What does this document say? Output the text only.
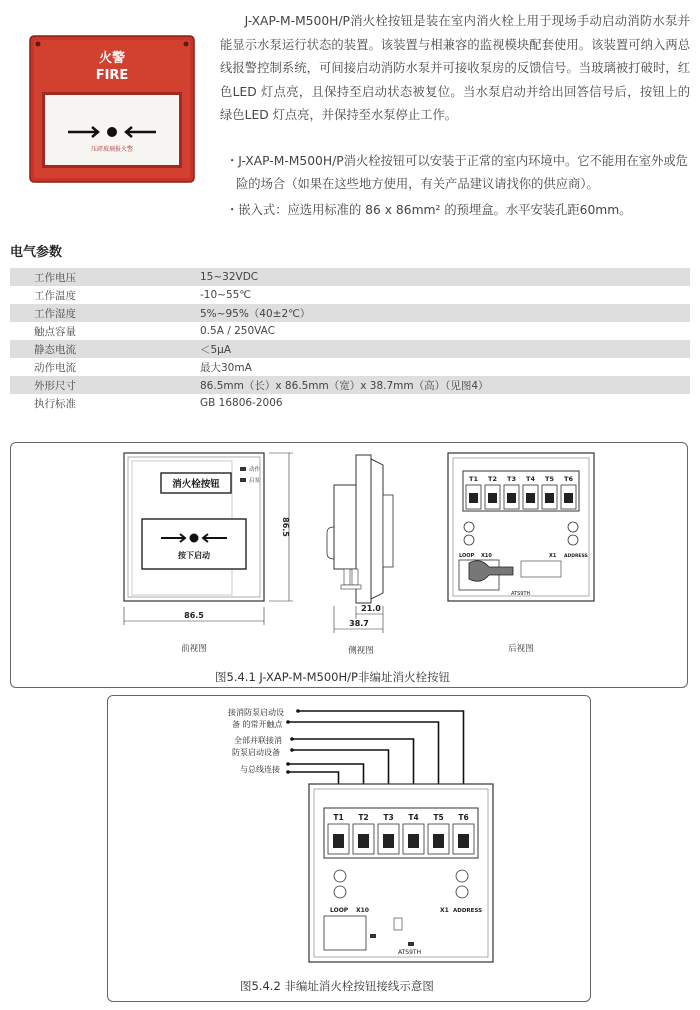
火警
FIRE
压碎玻璃报火警

J-XAP-M-M500H/P消火栓按钮是装在室内消火栓上用于现场手动启动消防水泵并能显示水泵运行状态的装置。该装置与相兼容的监视模块配套使用。该装置可纳入两总线报警控制系统，可间接启动消防水泵并可接收泵房的反馈信号。当玻璃被打破时，红色LED 灯点亮，且保持至启动状态被复位。当水泵启动并给出回答信号后，按钮上的绿色LED 灯点亮，并保持至水泵停止工作。

・J-XAP-M-M500H/P消火栓按钮可以安装于正常的室内环境中。它不能用在室外或危险的场合（如果在这些地方使用，有关产品建议请找你的供应商）。
・嵌入式：应选用标准的 86 x 86mm² 的预埋盒。水平安装孔距60mm。
电气参数
工作电压	15~32VDC
工作温度	-10~55℃
工作湿度	5%~95%（40±2℃）
触点容量	0.5A / 250VAC
静态电流	＜5μA
动作电流	最大30mA
外形尺寸	86.5mm（长）x 86.5mm（宽）x 38.7mm（高）（见图4）
执行标准	GB 16806-2006
消火栓按钮
动作
启泵
按下启动
86.5
86.5
前视图
21.0
38.7
侧视图
T1 T2 T3 T4 T5 T6
LOOP X10	X1 ADDRESS
ATS9TH
后视图
图5.4.1 J-XAP-M-M500H/P非编址消火栓按钮
接消防泵启动设
备 的常开触点
全部并联接消
防泵启动设备
与总线连接
T1 T2 T3 T4 T5 T6
LOOP X10	X1 ADDRESS
ATS9TH
图5.4.2 非编址消火栓按钮接线示意图
